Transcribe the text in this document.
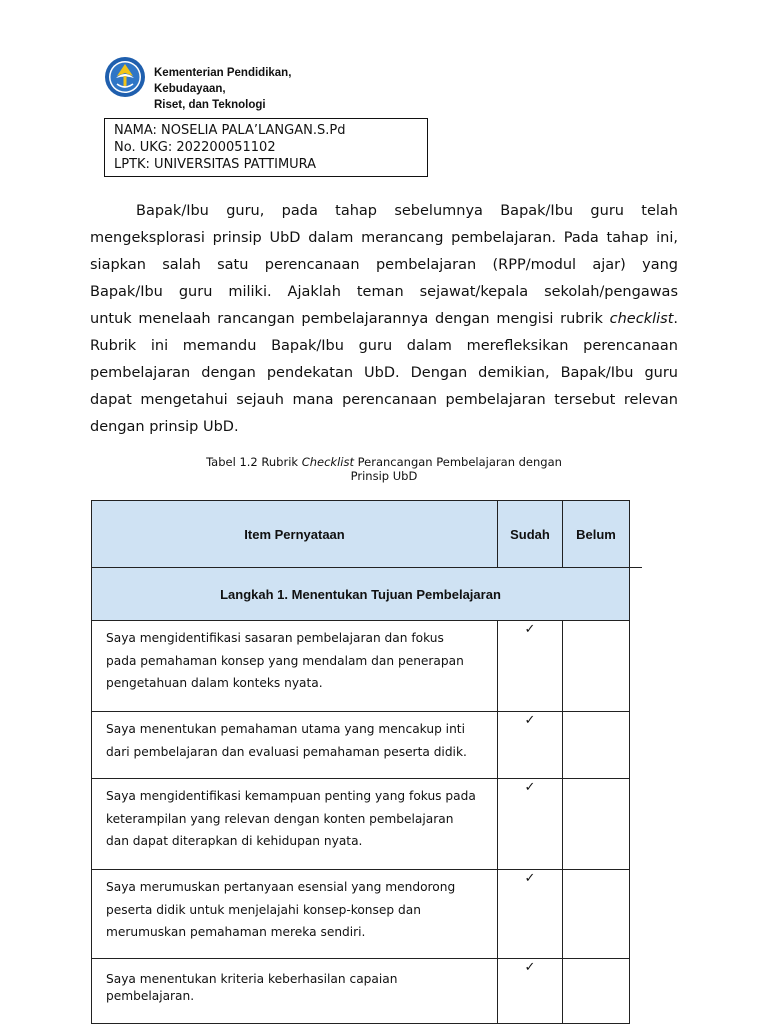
Kementerian Pendidikan, Kebudayaan,
Riset, dan Teknologi
NAMA: NOSELIA PALA’LANGAN.S.Pd
No. UKG: 202200051102
LPTK: UNIVERSITAS PATTIMURA
Bapak/Ibu guru, pada tahap sebelumnya Bapak/Ibu guru telah
mengeksplorasi prinsip UbD dalam merancang pembelajaran. Pada tahap ini,
siapkan salah satu perencanaan pembelajaran (RPP/modul ajar) yang
Bapak/Ibu guru miliki. Ajaklah teman sejawat/kepala sekolah/pengawas
untuk menelaah rancangan pembelajarannya dengan mengisi rubrik checklist.
Rubrik ini memandu Bapak/Ibu guru dalam merefleksikan perencanaan
pembelajaran dengan pendekatan UbD. Dengan demikian, Bapak/Ibu guru
dapat mengetahui sejauh mana perencanaan pembelajaran tersebut relevan
dengan prinsip UbD.
Tabel 1.2 Rubrik Checklist Perancangan Pembelajaran dengan
Prinsip UbD
Item Pernyataan	Sudah	Belum
Langkah 1. Menentukan Tujuan Pembelajaran		

Saya mengidentifikasi sasaran pembelajaran dan fokus
pada pemahaman konsep yang mendalam dan penerapan
pengetahuan dalam konteks nyata.	✓	

Saya menentukan pemahaman utama yang mencakup inti
dari pembelajaran dan evaluasi pemahaman peserta didik.	✓	

Saya mengidentifikasi kemampuan penting yang fokus pada
keterampilan yang relevan dengan konten pembelajaran
dan dapat diterapkan di kehidupan nyata.	✓	

Saya merumuskan pertanyaan esensial yang mendorong
peserta didik untuk menjelajahi konsep-konsep dan
merumuskan pemahaman mereka sendiri.	✓	

Saya menentukan kriteria keberhasilan capaian
pembelajaran.	✓	
